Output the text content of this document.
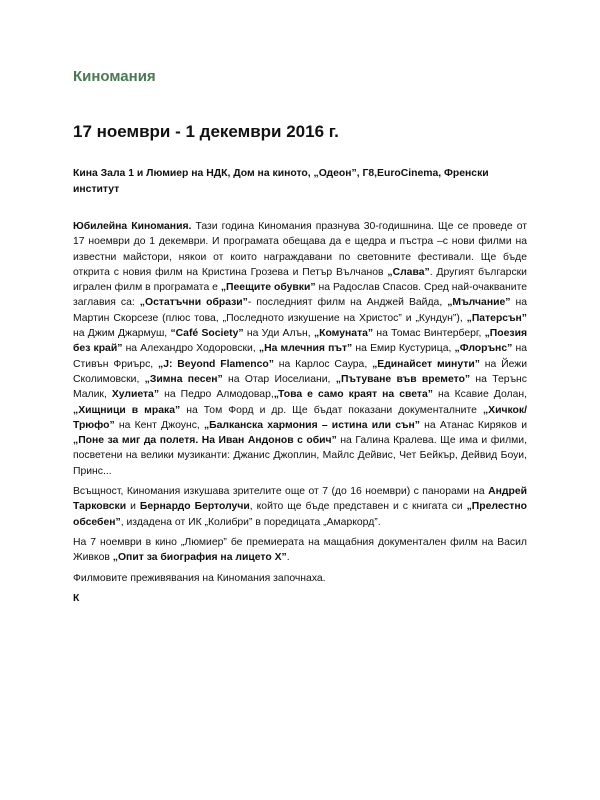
Киномания
17 ноември - 1 декември 2016 г.
Кина Зала 1 и Люмиер на НДК, Дом на киното, „Одеон”, Г8,EuroCinema, Френски институт

Юбилейна Киномания. Тази година Киномания празнува 30-годишнина. Ще се проведе от 17 ноември до 1 декември. И програмата обещава да е щедра и пъстра –с нови филми на известни майстори, някои от които награждавани по световните фестивали. Ще бъде открита с новия филм на Кристина Грозева и Петър Вълчанов „Слава”. Другият български игрален филм в програмата е „Пеещите обувки” на Радослав Спасов. Сред най-очакваните заглавия са: „Остатъчни образи”- последният филм на Анджей Вайда, „Мълчание” на Мартин Скорсезе (плюс това, „Последното изкушение на Христос” и „Кундун”), „Патерсън” на Джим Джармуш, “Café Society” на Уди Алън, „Комуната” на Томас Винтерберг, „Поезия без край” на Алехандро Ходоровски, „На млечния път” на Емир Кустурица, „Флорънс” на Стивън Фриърс, „J: Beyond Flamenco” на Карлос Саура, „Единайсет минути” на Йежи Сколимовски, „Зимна песен” на Отар Иоселиани, „Пътуване във времето” на Терънс Малик, Хулиета” на Педро Алмодовар,„Това е само краят на света” на Ксавие Долан, „Хищници в мрака” на Том Форд и др. Ще бъдат показани документалните „Хичкок/Трюфо” на Кент Джоунс, „Балканска хармония – истина или сън” на Атанас Киряков и „Поне за миг да полетя. На Иван Андонов с обич” на Галина Кралева. Ще има и филми, посветени на велики музиканти: Джанис Джоплин, Майлс Дейвис, Чет Бейкър, Дейвид Боуи, Принс...

Всъщност, Киномания изкушава зрителите още от 7 (до 16 ноември) с панорами на Андрей Тарковски и Бернардо Бертолучи, който ще бъде представен и с книгата си „Прелестно обсебен”, издадена от ИК „Колибри” в поредицата „Амаркорд”.

На 7 ноември в кино „Люмиер” бе премиерата на мащабния документален филм на Васил Живков „Опит за биография на лицето Х”.

Филмовите преживявания на Киномания започнаха.

К
